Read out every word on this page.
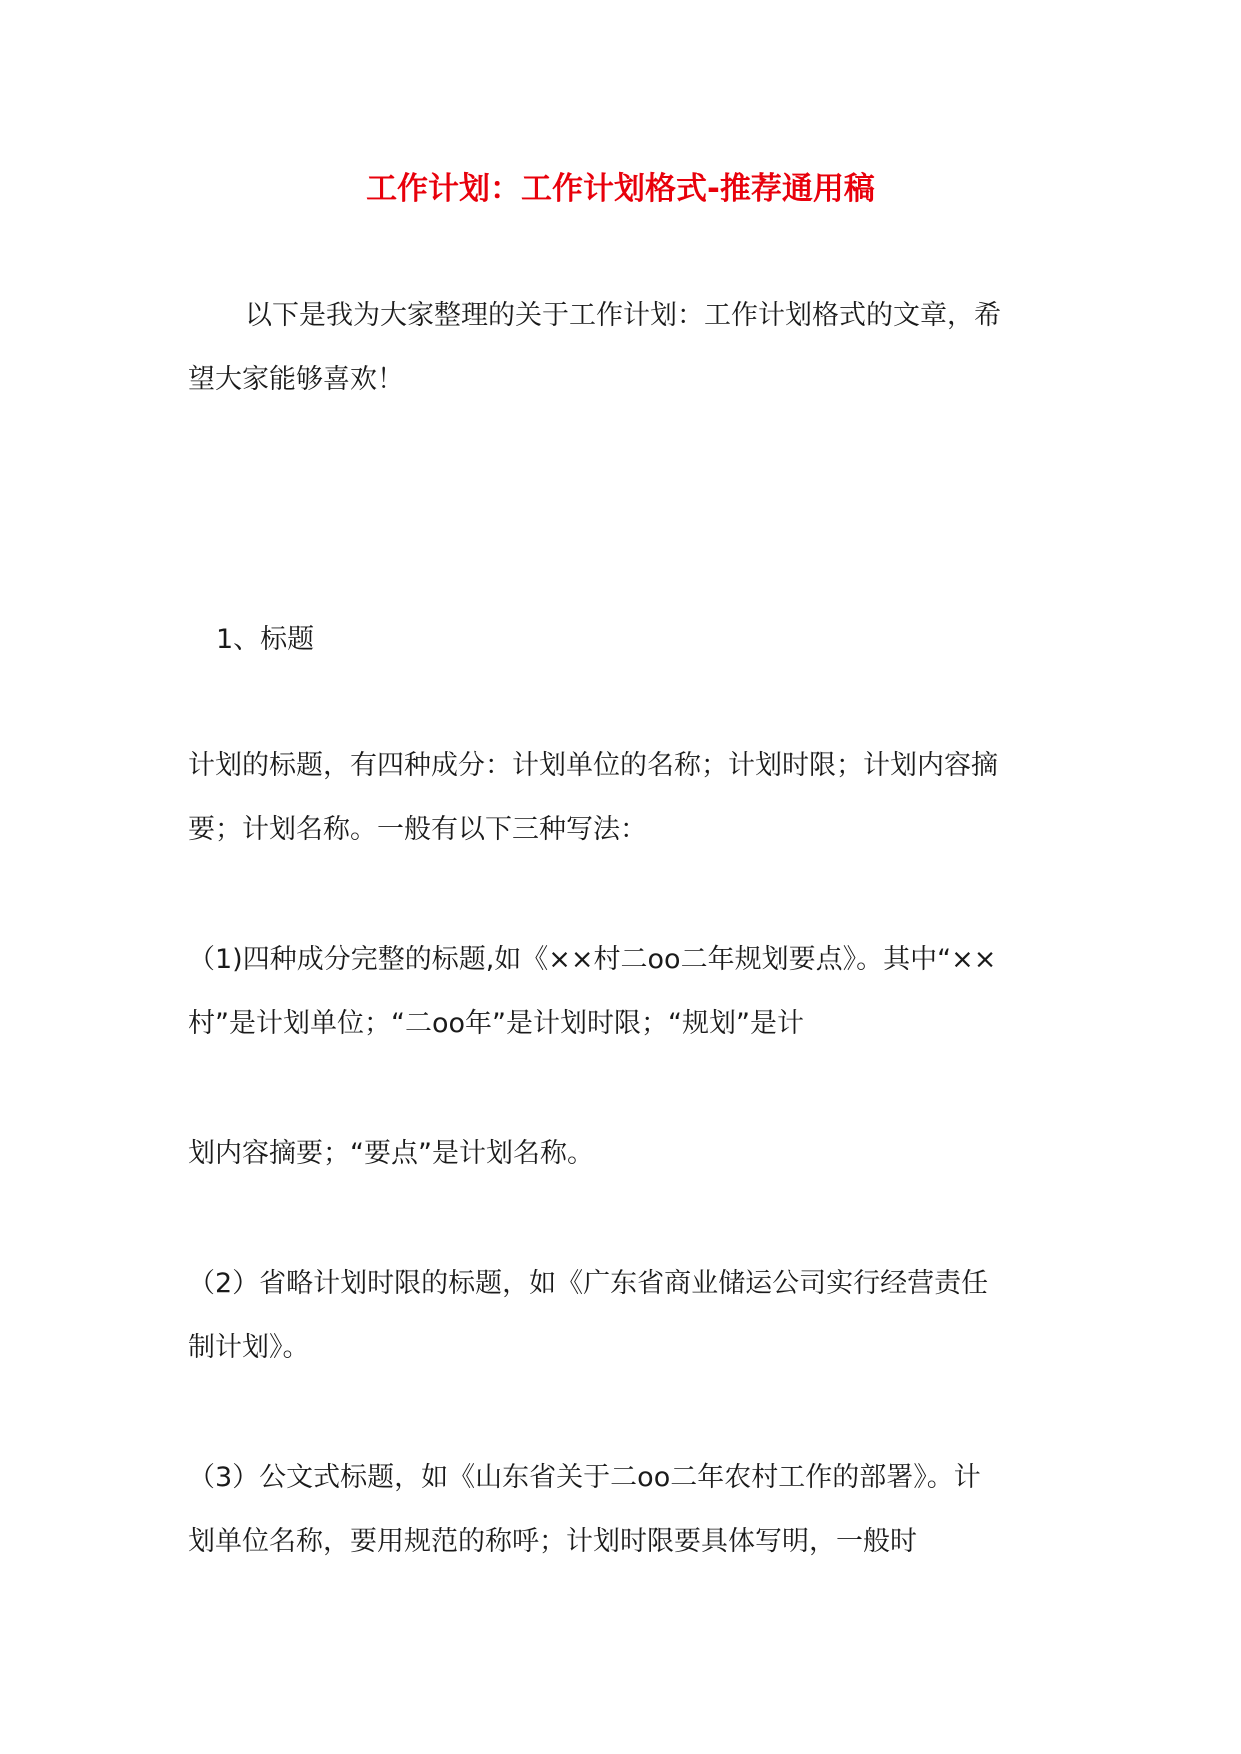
工作计划：工作计划格式-推荐通用稿
以下是我为大家整理的关于工作计划：工作计划格式的文章，希
望大家能够喜欢！
1、标题
计划的标题，有四种成分：计划单位的名称；计划时限；计划内容摘
要；计划名称。一般有以下三种写法：
（1)四种成分完整的标题,如《××村二oo二年规划要点》。其中“××
村”是计划单位；“二oo年”是计划时限；“规划”是计
划内容摘要；“要点”是计划名称。
（2）省略计划时限的标题，如《广东省商业储运公司实行经营责任
制计划》。
（3）公文式标题，如《山东省关于二oo二年农村工作的部署》。计
划单位名称，要用规范的称呼；计划时限要具体写明，一般时
